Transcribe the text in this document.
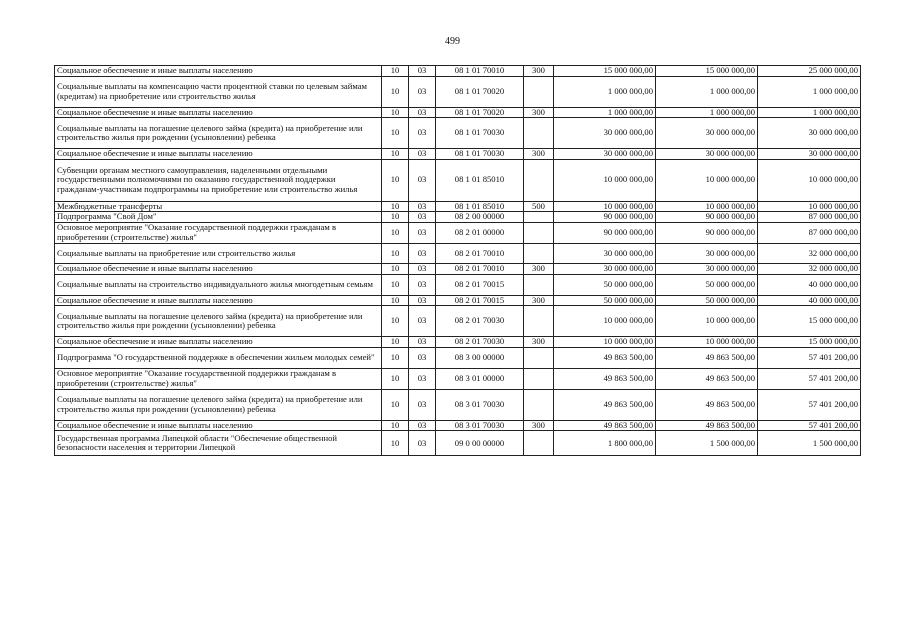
499
Социальное обеспечение и иные выплаты населению	10	03	08 1 01 70010	300	15 000 000,00	15 000 000,00	25 000 000,00
Социальные выплаты на компенсацию части процентной ставки по целевым займам (кредитам) на приобретение или строительство жилья	10	03	08 1 01 70020		1 000 000,00	1 000 000,00	1 000 000,00
Социальное обеспечение и иные выплаты населению	10	03	08 1 01 70020	300	1 000 000,00	1 000 000,00	1 000 000,00
Социальные выплаты на погашение целевого займа (кредита) на приобретение или строительство жилья при рождении (усыновлении) ребенка	10	03	08 1 01 70030		30 000 000,00	30 000 000,00	30 000 000,00
Социальное обеспечение и иные выплаты населению	10	03	08 1 01 70030	300	30 000 000,00	30 000 000,00	30 000 000,00
Субвенции органам местного самоуправления, наделенными отдельными государственными полномочиями по оказанию государственной поддержки гражданам-участникам подпрограммы на приобретение или строительство жилья	10	03	08 1 01 85010		10 000 000,00	10 000 000,00	10 000 000,00
Межбюджетные трансферты	10	03	08 1 01 85010	500	10 000 000,00	10 000 000,00	10 000 000,00
Подпрограмма "Свой Дом"	10	03	08 2 00 00000		90 000 000,00	90 000 000,00	87 000 000,00
Основное мероприятие "Оказание государственной поддержки гражданам в приобретении (строительстве) жилья"	10	03	08 2 01 00000		90 000 000,00	90 000 000,00	87 000 000,00
Социальные выплаты на приобретение или строительство жилья	10	03	08 2 01 70010		30 000 000,00	30 000 000,00	32 000 000,00
Социальное обеспечение и иные выплаты населению	10	03	08 2 01 70010	300	30 000 000,00	30 000 000,00	32 000 000,00
Социальные выплаты на строительство индивидуального жилья многодетным семьям	10	03	08 2 01 70015		50 000 000,00	50 000 000,00	40 000 000,00
Социальное обеспечение и иные выплаты населению	10	03	08 2 01 70015	300	50 000 000,00	50 000 000,00	40 000 000,00
Социальные выплаты на погашение целевого займа (кредита) на приобретение или строительство жилья при рождении (усыновлении) ребенка	10	03	08 2 01 70030		10 000 000,00	10 000 000,00	15 000 000,00
Социальное обеспечение и иные выплаты населению	10	03	08 2 01 70030	300	10 000 000,00	10 000 000,00	15 000 000,00
Подпрограмма "О государственной поддержке в обеспечении жильем молодых семей"	10	03	08 3 00 00000		49 863 500,00	49 863 500,00	57 401 200,00
Основное мероприятие "Оказание государственной поддержки гражданам в приобретении (строительстве) жилья"	10	03	08 3 01 00000		49 863 500,00	49 863 500,00	57 401 200,00
Социальные выплаты на погашение целевого займа (кредита) на приобретение или строительство жилья при рождении (усыновлении) ребенка	10	03	08 3 01 70030		49 863 500,00	49 863 500,00	57 401 200,00
Социальное обеспечение и иные выплаты населению	10	03	08 3 01 70030	300	49 863 500,00	49 863 500,00	57 401 200,00
Государственная программа Липецкой области "Обеспечение общественной безопасности населения и территории Липецкой	10	03	09 0 00 00000		1 800 000,00	1 500 000,00	1 500 000,00
